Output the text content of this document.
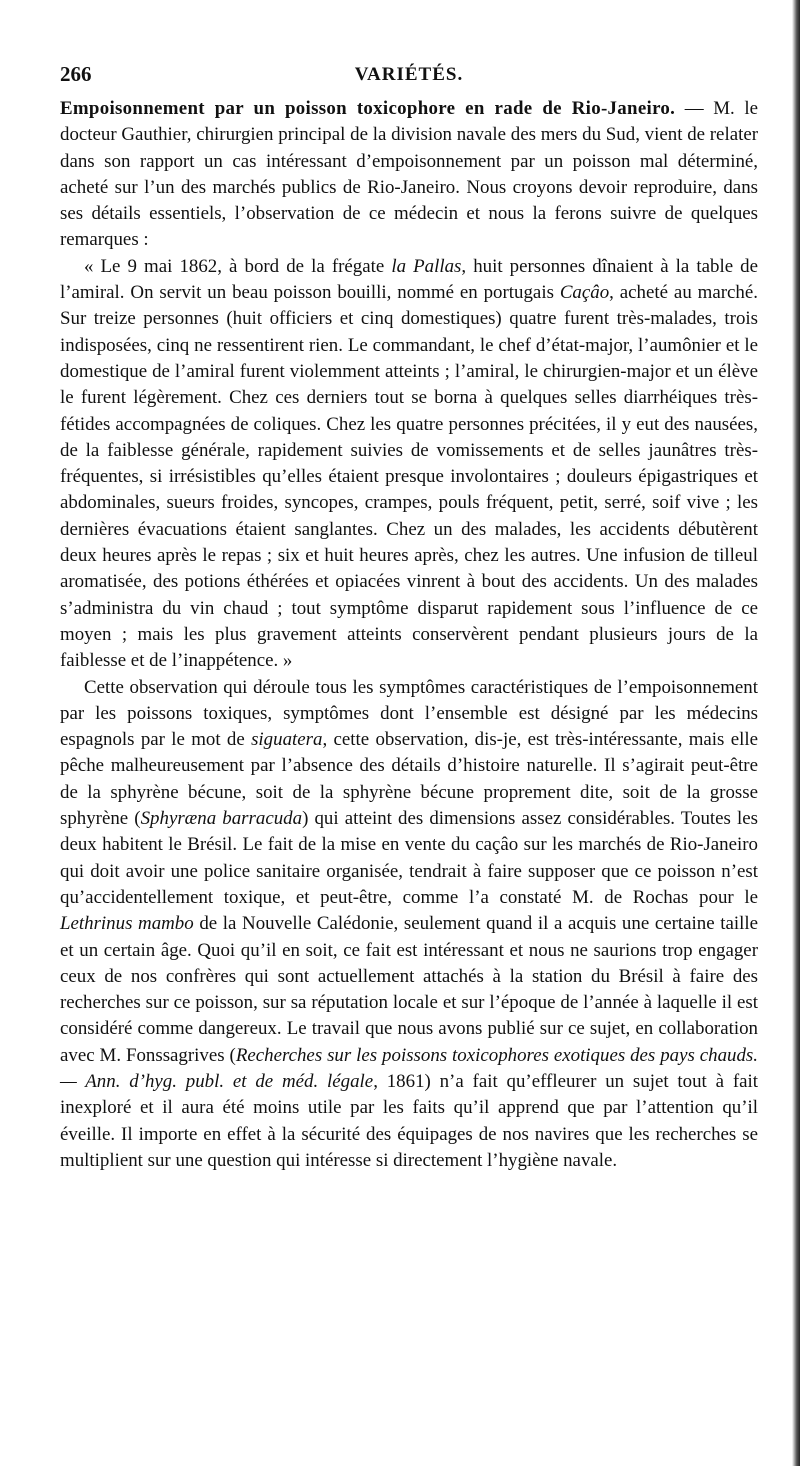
266	VARIÉTÉS.

Empoisonnement par un poisson toxicophore en rade de Rio-Janeiro. — M. le docteur Gauthier, chirurgien principal de la division navale des mers du Sud, vient de relater dans son rapport un cas intéressant d’empoisonnement par un poisson mal déterminé, acheté sur l’un des marchés publics de Rio-Janeiro. Nous croyons devoir reproduire, dans ses détails essentiels, l’observation de ce médecin et nous la ferons suivre de quelques remarques :

« Le 9 mai 1862, à bord de la frégate la Pallas, huit personnes dînaient à la table de l’amiral. On servit un beau poisson bouilli, nommé en portugais Caçâo, acheté au marché. Sur treize personnes (huit officiers et cinq domestiques) quatre furent très-malades, trois indisposées, cinq ne ressentirent rien. Le commandant, le chef d’état-major, l’aumônier et le domestique de l’amiral furent violemment atteints ; l’amiral, le chirurgien-major et un élève le furent légèrement. Chez ces derniers tout se borna à quelques selles diarrhéiques très-fétides accompagnées de coliques. Chez les quatre personnes précitées, il y eut des nausées, de la faiblesse générale, rapidement suivies de vomissements et de selles jaunâtres très-fréquentes, si irrésistibles qu’elles étaient presque involontaires ; douleurs épigastriques et abdominales, sueurs froides, syncopes, crampes, pouls fréquent, petit, serré, soif vive ; les dernières évacuations étaient sanglantes. Chez un des malades, les accidents débutèrent deux heures après le repas ; six et huit heures après, chez les autres. Une infusion de tilleul aromatisée, des potions éthérées et opiacées vinrent à bout des accidents. Un des malades s’administra du vin chaud ; tout symptôme disparut rapidement sous l’influence de ce moyen ; mais les plus gravement atteints conservèrent pendant plusieurs jours de la faiblesse et de l’inappétence. »

Cette observation qui déroule tous les symptômes caractéristiques de l’empoisonnement par les poissons toxiques, symptômes dont l’ensemble est désigné par les médecins espagnols par le mot de siguatera, cette observation, dis-je, est très-intéressante, mais elle pêche malheureusement par l’absence des détails d’histoire naturelle. Il s’agirait peut-être de la sphyrène bécune, soit de la sphyrène bécune proprement dite, soit de la grosse sphyrène (Sphyræna barracuda) qui atteint des dimensions assez considérables. Toutes les deux habitent le Brésil. Le fait de la mise en vente du caçâo sur les marchés de Rio-Janeiro qui doit avoir une police sanitaire organisée, tendrait à faire supposer que ce poisson n’est qu’accidentellement toxique, et peut-être, comme l’a constaté M. de Rochas pour le Lethrinus mambo de la Nouvelle Calédonie, seulement quand il a acquis une certaine taille et un certain âge. Quoi qu’il en soit, ce fait est intéressant et nous ne saurions trop engager ceux de nos confrères qui sont actuellement attachés à la station du Brésil à faire des recherches sur ce poisson, sur sa réputation locale et sur l’époque de l’année à laquelle il est considéré comme dangereux. Le travail que nous avons publié sur ce sujet, en collaboration avec M. Fonssagrives (Recherches sur les poissons toxicophores exotiques des pays chauds. — Ann. d’hyg. publ. et de méd. légale, 1861) n’a fait qu’effleurer un sujet tout à fait inexploré et il aura été moins utile par les faits qu’il apprend que par l’attention qu’il éveille. Il importe en effet à la sécurité des équipages de nos navires que les recherches se multiplient sur une question qui intéresse si directement l’hygiène navale.
